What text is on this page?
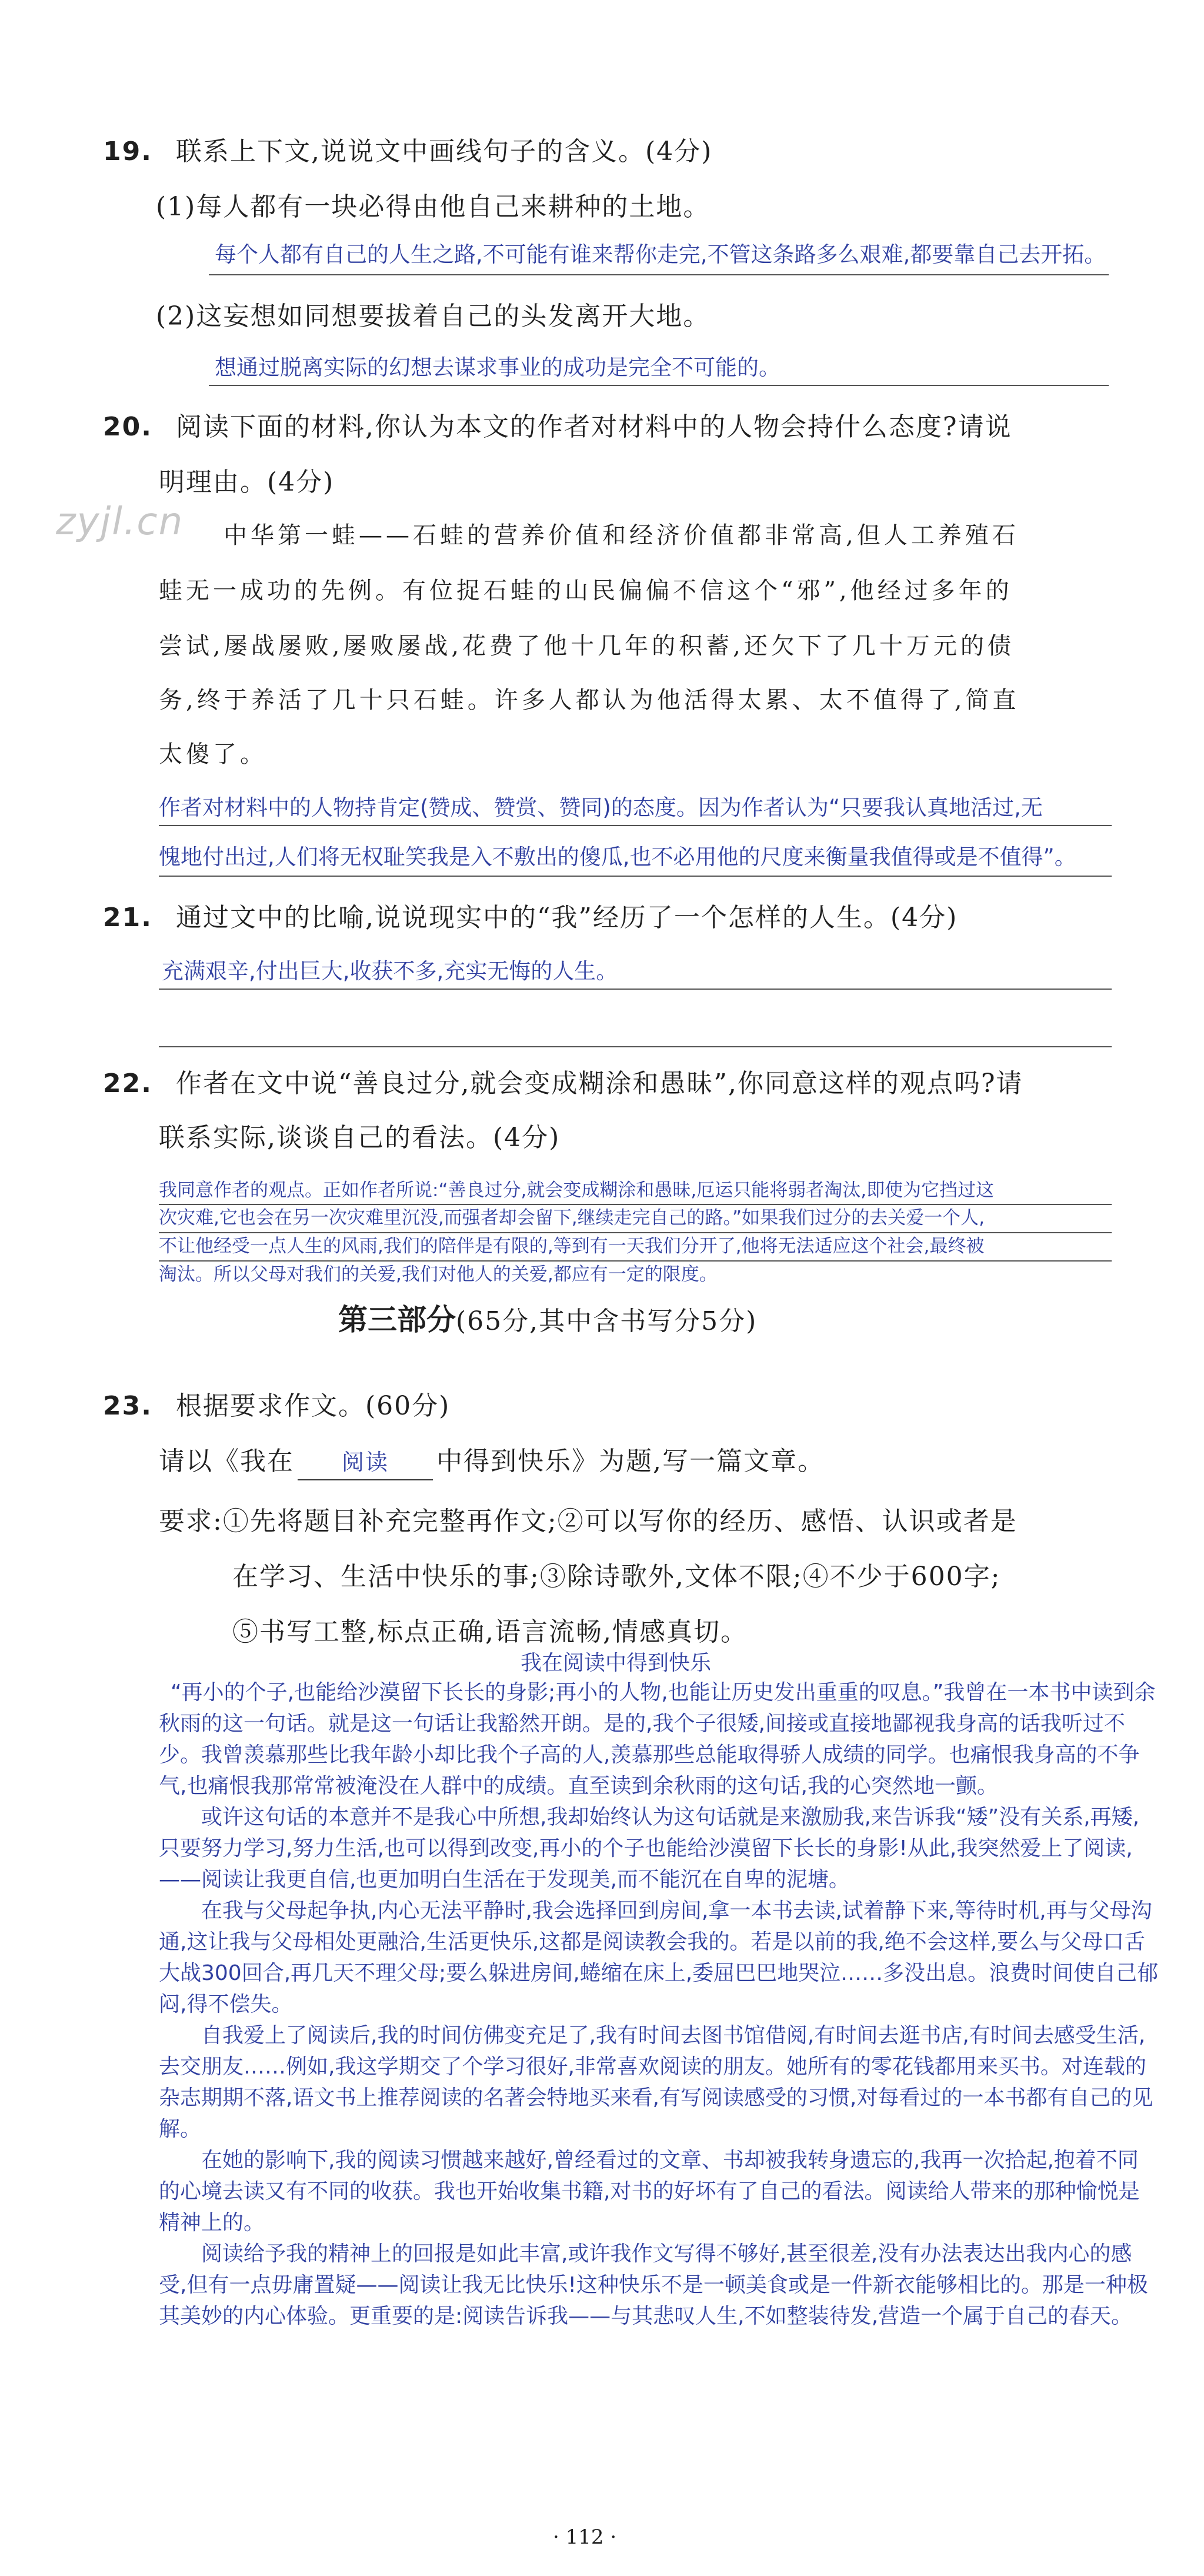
zyjl.cn
19. 联系上下文,说说文中画线句子的含义。(4分)
(1)每人都有一块必得由他自己来耕种的土地。
每个人都有自己的人生之路,不可能有谁来帮你走完,不管这条路多么艰难,都要靠自己去开拓。
(2)这妄想如同想要拔着自己的头发离开大地。
想通过脱离实际的幻想去谋求事业的成功是完全不可能的。
20. 阅读下面的材料,你认为本文的作者对材料中的人物会持什么态度?请说
明理由。(4分)
中华第一蛙——石蛙的营养价值和经济价值都非常高,但人工养殖石
蛙无一成功的先例。有位捉石蛙的山民偏偏不信这个“邪”,他经过多年的
尝试,屡战屡败,屡败屡战,花费了他十几年的积蓄,还欠下了几十万元的债
务,终于养活了几十只石蛙。许多人都认为他活得太累、太不值得了,简直
太傻了。
作者对材料中的人物持肯定(赞成、赞赏、赞同)的态度。因为作者认为“只要我认真地活过,无
愧地付出过,人们将无权耻笑我是入不敷出的傻瓜,也不必用他的尺度来衡量我值得或是不值得”。
21. 通过文中的比喻,说说现实中的“我”经历了一个怎样的人生。(4分)
充满艰辛,付出巨大,收获不多,充实无悔的人生。
22. 作者在文中说“善良过分,就会变成糊涂和愚昧”,你同意这样的观点吗?请
联系实际,谈谈自己的看法。(4分)
我同意作者的观点。正如作者所说:“善良过分,就会变成糊涂和愚昧,厄运只能将弱者淘汰,即使为它挡过这
次灾难,它也会在另一次灾难里沉没,而强者却会留下,继续走完自己的路。”如果我们过分的去关爱一个人,
不让他经受一点人生的风雨,我们的陪伴是有限的,等到有一天我们分开了,他将无法适应这个社会,最终被
淘汰。所以父母对我们的关爱,我们对他人的关爱,都应有一定的限度。
第三部分(65分,其中含书写分5分)
23. 根据要求作文。(60分)
请以《我在 阅读 中得到快乐》为题,写一篇文章。
要求:①先将题目补充完整再作文;②可以写你的经历、感悟、认识或者是
在学习、生活中快乐的事;③除诗歌外,文体不限;④不少于600字;
⑤书写工整,标点正确,语言流畅,情感真切。
我在阅读中得到快乐

“再小的个子,也能给沙漠留下长长的身影;再小的人物,也能让历史发出重重的叹息。”我曾在一本书中读到余秋雨的这一句话。就是这一句话让我豁然开朗。是的,我个子很矮,间接或直接地鄙视我身高的话我听过不少。我曾羡慕那些比我年龄小却比我个子高的人,羡慕那些总能取得骄人成绩的同学。也痛恨我身高的不争气,也痛恨我那常常被淹没在人群中的成绩。直至读到余秋雨的这句话,我的心突然地一颤。

或许这句话的本意并不是我心中所想,我却始终认为这句话就是来激励我,来告诉我“矮”没有关系,再矮,只要努力学习,努力生活,也可以得到改变,再小的个子也能给沙漠留下长长的身影!从此,我突然爱上了阅读,——阅读让我更自信,也更加明白生活在于发现美,而不能沉在自卑的泥塘。

在我与父母起争执,内心无法平静时,我会选择回到房间,拿一本书去读,试着静下来,等待时机,再与父母沟通,这让我与父母相处更融洽,生活更快乐,这都是阅读教会我的。若是以前的我,绝不会这样,要么与父母口舌大战300回合,再几天不理父母;要么躲进房间,蜷缩在床上,委屈巴巴地哭泣……多没出息。浪费时间使自己郁闷,得不偿失。

自我爱上了阅读后,我的时间仿佛变充足了,我有时间去图书馆借阅,有时间去逛书店,有时间去感受生活,去交朋友……例如,我这学期交了个学习很好,非常喜欢阅读的朋友。她所有的零花钱都用来买书。对连载的杂志期期不落,语文书上推荐阅读的名著会特地买来看,有写阅读感受的习惯,对每看过的一本书都有自己的见解。

在她的影响下,我的阅读习惯越来越好,曾经看过的文章、书却被我转身遗忘的,我再一次拾起,抱着不同的心境去读又有不同的收获。我也开始收集书籍,对书的好坏有了自己的看法。阅读给人带来的那种愉悦是精神上的。

阅读给予我的精神上的回报是如此丰富,或许我作文写得不够好,甚至很差,没有办法表达出我内心的感受,但有一点毋庸置疑——阅读让我无比快乐!这种快乐不是一顿美食或是一件新衣能够相比的。那是一种极其美妙的内心体验。更重要的是:阅读告诉我——与其悲叹人生,不如整装待发,营造一个属于自己的春天。

· 112 ·
